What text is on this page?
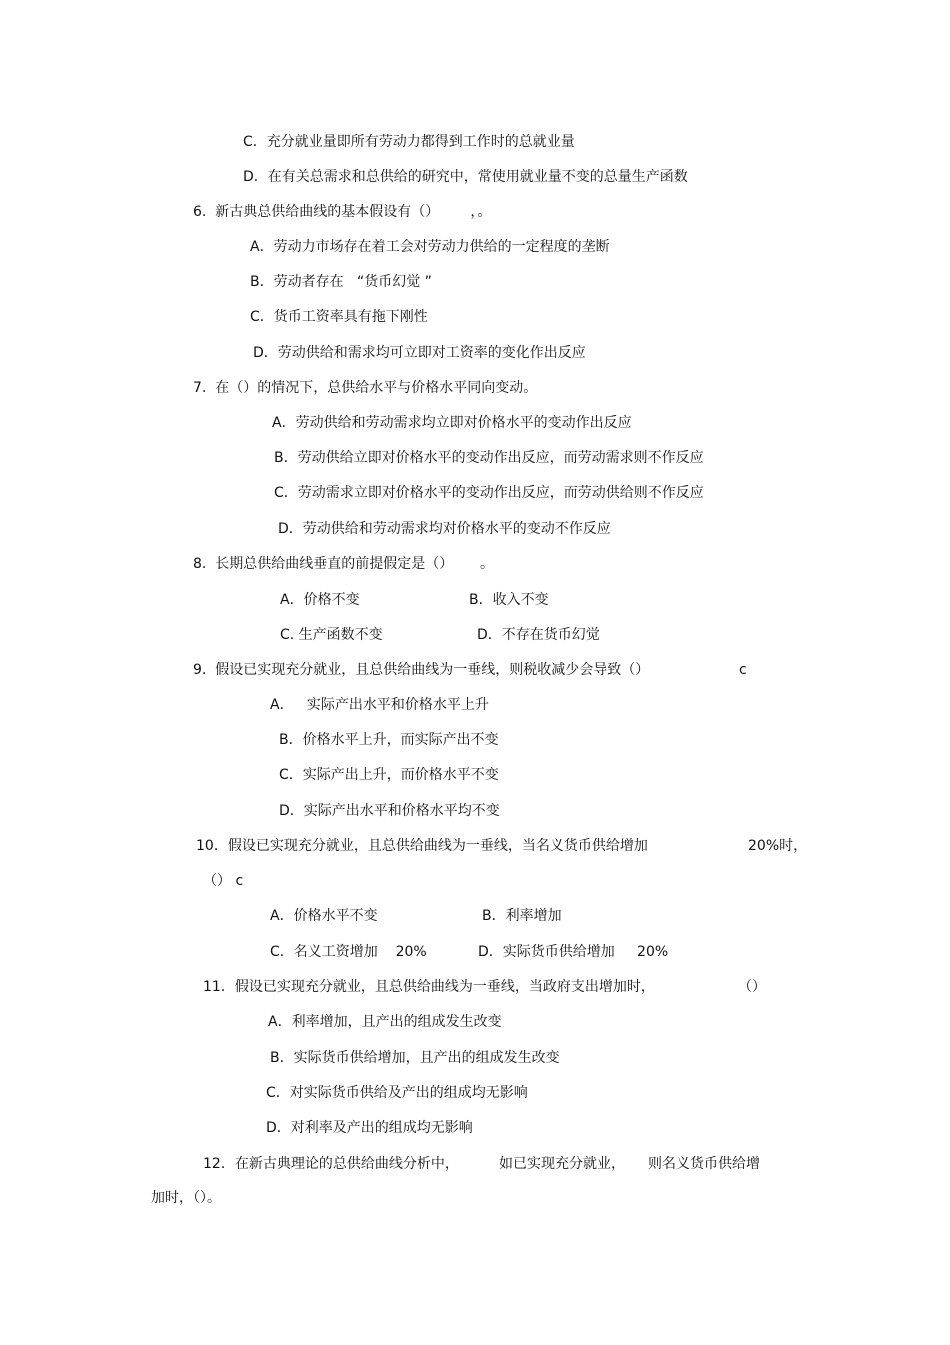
C．充分就业量即所有劳动力都得到工作时的总就业量
D．在有关总需求和总供给的研究中，常使用就业量不变的总量生产函数
6.  新古典总供给曲线的基本假设有（）       ，。
A．劳动力市场存在着工会对劳动力供给的一定程度的垄断
B．劳动者存在   “货币幻觉 ”
C．货币工资率具有拖下刚性
D．劳动供给和需求均可立即对工资率的变化作出反应
7.  在（）的情况下，总供给水平与价格水平同向变动。
A．劳动供给和劳动需求均立即对价格水平的变动作出反应
B．劳动供给立即对价格水平的变动作出反应，而劳动需求则不作反应
C．劳动需求立即对价格水平的变动作出反应，而劳动供给则不作反应
D．劳动供给和劳动需求均对价格水平的变动不作反应
8.  长期总供给曲线垂直的前提假定是（）      。
A．价格不变	B．收入不变
C. 生产函数不变	D．不存在货币幻觉
9.  假设已实现充分就业，且总供给曲线为一垂线，则税收减少会导致（）	c
A．   实际产出水平和价格水平上升
B．价格水平上升，而实际产出不变
C．实际产出上升，而价格水平不变
D．实际产出水平和价格水平均不变
10．假设已实现充分就业，且总供给曲线为一垂线，当名义货币供给增加	20%时，
（） c
A．价格水平不变	B．利率增加
C．名义工资增加    20%	D．实际货币供给增加     20%
11．假设已实现充分就业，且总供给曲线为一垂线，当政府支出增加时，	（）
A．利率增加，且产出的组成发生改变
B．实际货币供给增加，且产出的组成发生改变
C．对实际货币供给及产出的组成均无影响
D．对利率及产出的组成均无影响
12．在新古典理论的总供给曲线分析中，	如已实现充分就业， 则名义货币供给增
加时，（）。
